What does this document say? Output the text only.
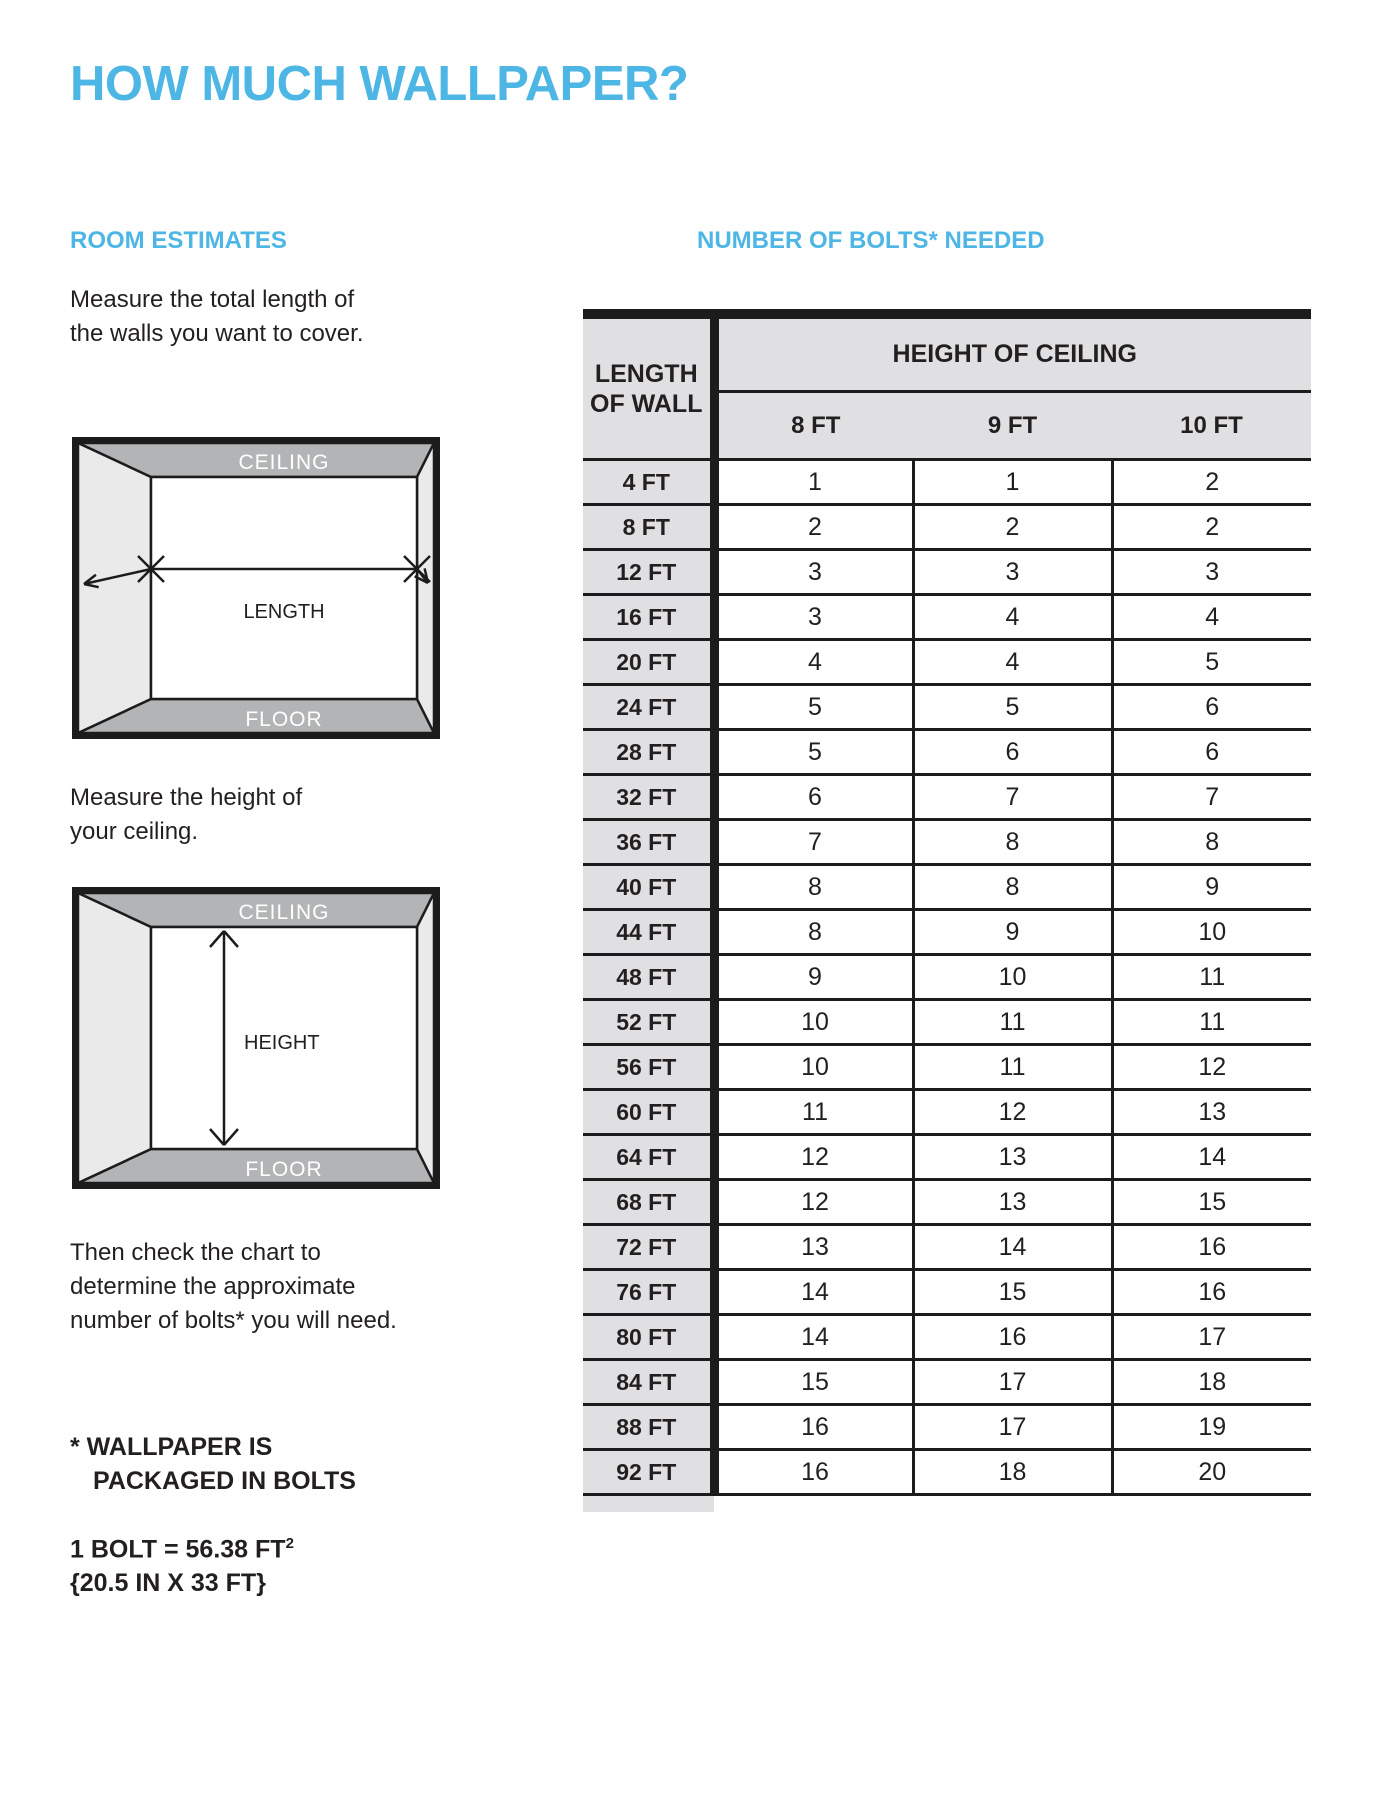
HOW MUCH WALLPAPER?
ROOM ESTIMATES
Measure the total length of
the walls you want to cover.
CEILING
FLOOR
LENGTH
Measure the height of
your ceiling.
CEILING
FLOOR
HEIGHT
Then check the chart to
determine the approximate
number of bolts* you will need.
* WALLPAPER IS
PACKAGED IN BOLTS
1 BOLT = 56.38 $FT^2$
{20.5 IN X 33 FT}
NUMBER OF BOLTS* NEEDED
LENGTH
OF WALL	HEIGHT OF CEILING		
	8 FT	9 FT	10 FT
4 FT	1	1	2
8 FT	2	2	2
12 FT	3	3	3
16 FT	3	4	4
20 FT	4	4	5
24 FT	5	5	6
28 FT	5	6	6
32 FT	6	7	7
36 FT	7	8	8
40 FT	8	8	9
44 FT	8	9	10
48 FT	9	10	11
52 FT	10	11	11
56 FT	10	11	12
60 FT	11	12	13
64 FT	12	13	14
68 FT	12	13	15
72 FT	13	14	16
76 FT	14	15	16
80 FT	14	16	17
84 FT	15	17	18
88 FT	16	17	19
92 FT	16	18	20
